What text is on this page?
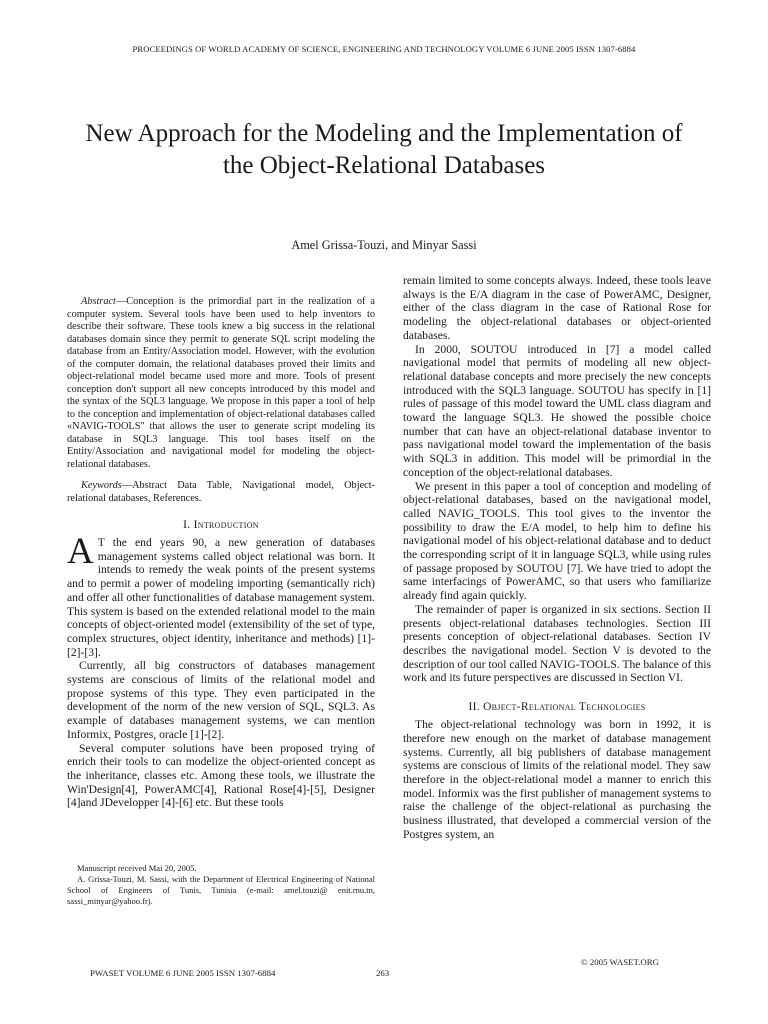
PROCEEDINGS OF WORLD ACADEMY OF SCIENCE, ENGINEERING AND TECHNOLOGY VOLUME 6 JUNE 2005 ISSN 1307-6884
New Approach for the Modeling and the Implementation of the Object-Relational Databases
Amel Grissa-Touzi, and Minyar Sassi

Abstract—Conception is the primordial part in the realization of a computer system. Several tools have been used to help inventors to describe their software. These tools knew a big success in the relational databases domain since they permit to generate SQL script modeling the database from an Entity/Association model. However, with the evolution of the computer domain, the relational databases proved their limits and object-relational model became used more and more. Tools of present conception don't support all new concepts introduced by this model and the syntax of the SQL3 language. We propose in this paper a tool of help to the conception and implementation of object-relational databases called «NAVIG-TOOLS" that allows the user to generate script modeling its database in SQL3 language. This tool bases itself on the Entity/Association and navigational model for modeling the object-relational databases.

Keywords—Abstract Data Table, Navigational model, Object-relational databases, References.

I. Introduction

A T the end years 90, a new generation of databases management systems called object relational was born. It intends to remedy the weak points of the present systems and to permit a power of modeling importing (semantically rich) and offer all other functionalities of database management system. This system is based on the extended relational model to the main concepts of object-oriented model (extensibility of the set of type, complex structures, object identity, inheritance and methods) [1]-[2]-[3].

Currently, all big constructors of databases management systems are conscious of limits of the relational model and propose systems of this type. They even participated in the development of the norm of the new version of SQL, SQL3. As example of databases management systems, we can mention Informix, Postgres, oracle [1]-[2].

Several computer solutions have been proposed trying of enrich their tools to can modelize the object-oriented concept as the inheritance, classes etc. Among these tools, we illustrate the Win'Design[4], PowerAMC[4], Rational Rose[4]-[5], Designer [4]and JDevelopper [4]-[6] etc. But these tools

remain limited to some concepts always. Indeed, these tools leave always is the E/A diagram in the case of PowerAMC, Designer, either of the class diagram in the case of Rational Rose for modeling the object-relational databases or object-oriented databases.

In 2000, SOUTOU introduced in [7] a model called navigational model that permits of modeling all new object-relational database concepts and more precisely the new concepts introduced with the SQL3 language. SOUTOU has specify in [1] rules of passage of this model toward the UML class diagram and toward the language SQL3. He showed the possible choice number that can have an object-relational database inventor to pass navigational model toward the implementation of the basis with SQL3 in addition. This model will be primordial in the conception of the object-relational databases.

We present in this paper a tool of conception and modeling of object-relational databases, based on the navigational model, called NAVIG_TOOLS. This tool gives to the inventor the possibility to draw the E/A model, to help him to define his navigational model of his object-relational database and to deduct the corresponding script of it in language SQL3, while using rules of passage proposed by SOUTOU [7]. We have tried to adopt the same interfacings of PowerAMC, so that users who familiarize already find again quickly.

The remainder of paper is organized in six sections. Section II presents object-relational databases technologies. Section III presents conception of object-relational databases. Section IV describes the navigational model. Section V is devoted to the description of our tool called NAVIG-TOOLS. The balance of this work and its future perspectives are discussed in Section VI.

II. Object-Relational Technologies

The object-relational technology was born in 1992, it is therefore new enough on the market of database management systems. Currently, all big publishers of database management systems are conscious of limits of the relational model. They saw therefore in the object-relational model a manner to enrich this model. Informix was the first publisher of management systems to raise the challenge of the object-relational as purchasing the business illustrated, that developed a commercial version of the Postgres system, an

Manuscript received Mai 20, 2005.

A. Grissa-Touzi, M. Sassi, with the Department of Electrical Engineering of National School of Engineers of Tunis, Tunisia (e-mail: amel.touzi@ enit.rnu.tn, sassi_minyar@yahoo.fr).

© 2005 WASET.ORG
PWASET VOLUME 6 JUNE 2005 ISSN 1307-6884	263
